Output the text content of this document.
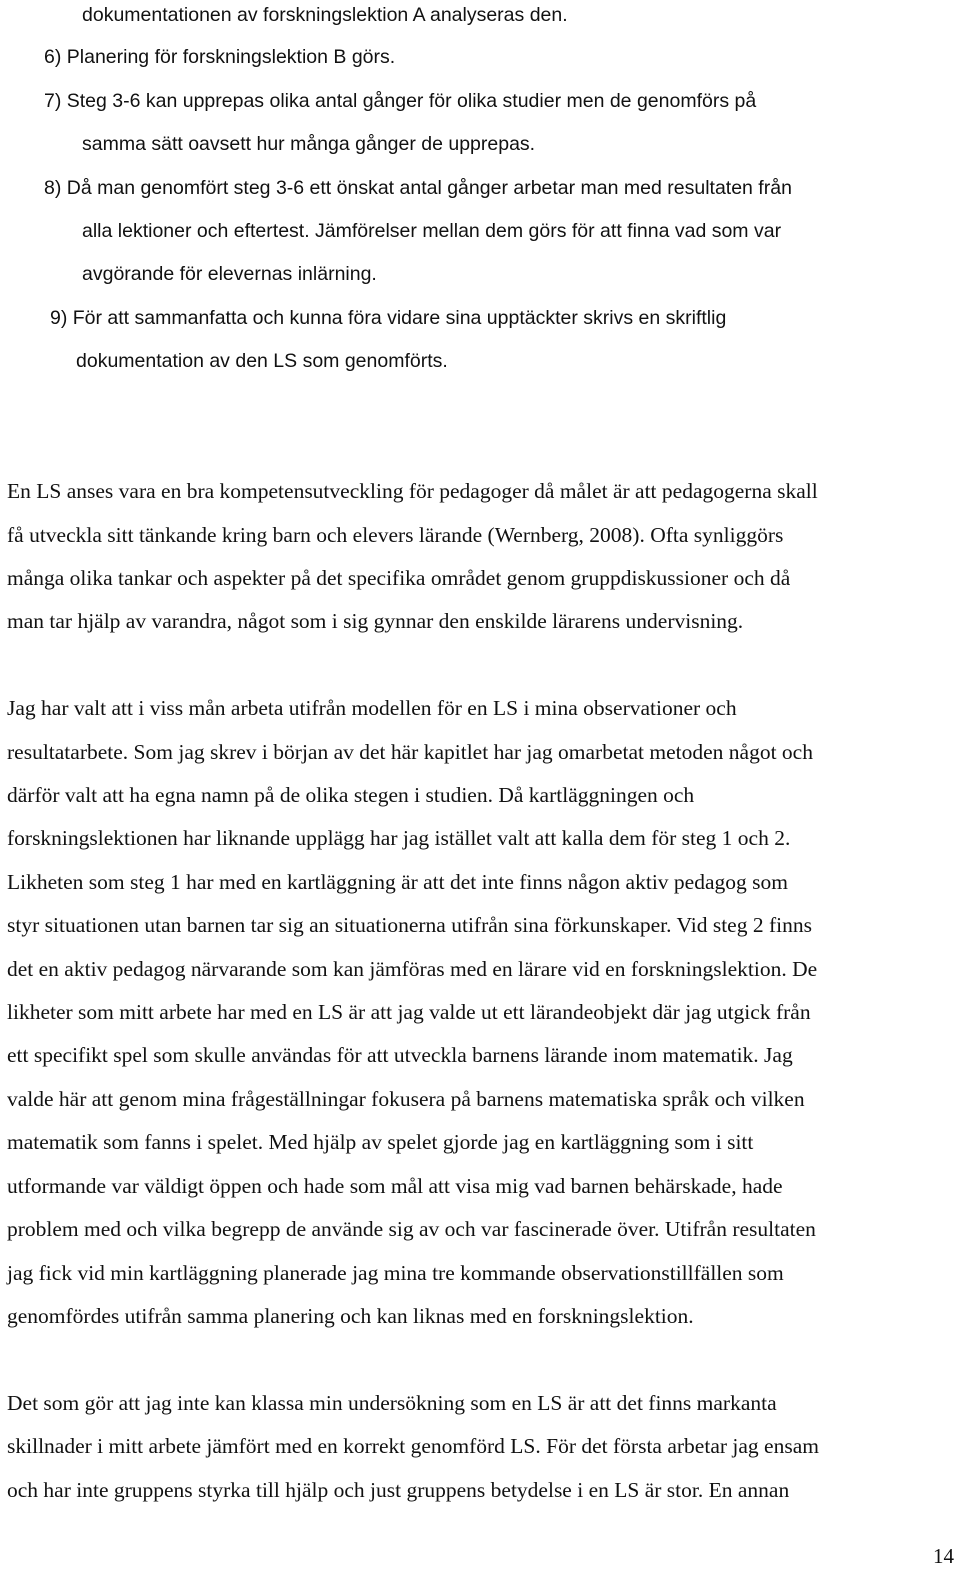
dokumentationen av forskningslektion A analyseras den.

6) Planering för forskningslektion B görs.

7) Steg 3-6 kan upprepas olika antal gånger för olika studier men de genomförs på

samma sätt oavsett hur många gånger de upprepas.

8) Då man genomfört steg 3-6 ett önskat antal gånger arbetar man med resultaten från

alla lektioner och eftertest. Jämförelser mellan dem görs för att finna vad som var

avgörande för elevernas inlärning.

9) För att sammanfatta och kunna föra vidare sina upptäckter skrivs en skriftlig

dokumentation av den LS som genomförts.

En LS anses vara en bra kompetensutveckling för pedagoger då målet är att pedagogerna skall

få utveckla sitt tänkande kring barn och elevers lärande (Wernberg, 2008). Ofta synliggörs

många olika tankar och aspekter på det specifika området genom gruppdiskussioner och då

man tar hjälp av varandra, något som i sig gynnar den enskilde lärarens undervisning.

Jag har valt att i viss mån arbeta utifrån modellen för en LS i mina observationer och

resultatarbete. Som jag skrev i början av det här kapitlet har jag omarbetat metoden något och

därför valt att ha egna namn på de olika stegen i studien. Då kartläggningen och

forskningslektionen har liknande upplägg har jag istället valt att kalla dem för steg 1 och 2.

Likheten som steg 1 har med en kartläggning är att det inte finns någon aktiv pedagog som

styr situationen utan barnen tar sig an situationerna utifrån sina förkunskaper. Vid steg 2 finns

det en aktiv pedagog närvarande som kan jämföras med en lärare vid en forskningslektion. De

likheter som mitt arbete har med en LS är att jag valde ut ett lärandeobjekt där jag utgick från

ett specifikt spel som skulle användas för att utveckla barnens lärande inom matematik. Jag

valde här att genom mina frågeställningar fokusera på barnens matematiska språk och vilken

matematik som fanns i spelet. Med hjälp av spelet gjorde jag en kartläggning som i sitt

utformande var väldigt öppen och hade som mål att visa mig vad barnen behärskade, hade

problem med och vilka begrepp de använde sig av och var fascinerade över. Utifrån resultaten

jag fick vid min kartläggning planerade jag mina tre kommande observationstillfällen som

genomfördes utifrån samma planering och kan liknas med en forskningslektion.

Det som gör att jag inte kan klassa min undersökning som en LS är att det finns markanta

skillnader i mitt arbete jämfört med en korrekt genomförd LS. För det första arbetar jag ensam

och har inte gruppens styrka till hjälp och just gruppens betydelse i en LS är stor. En annan

14
